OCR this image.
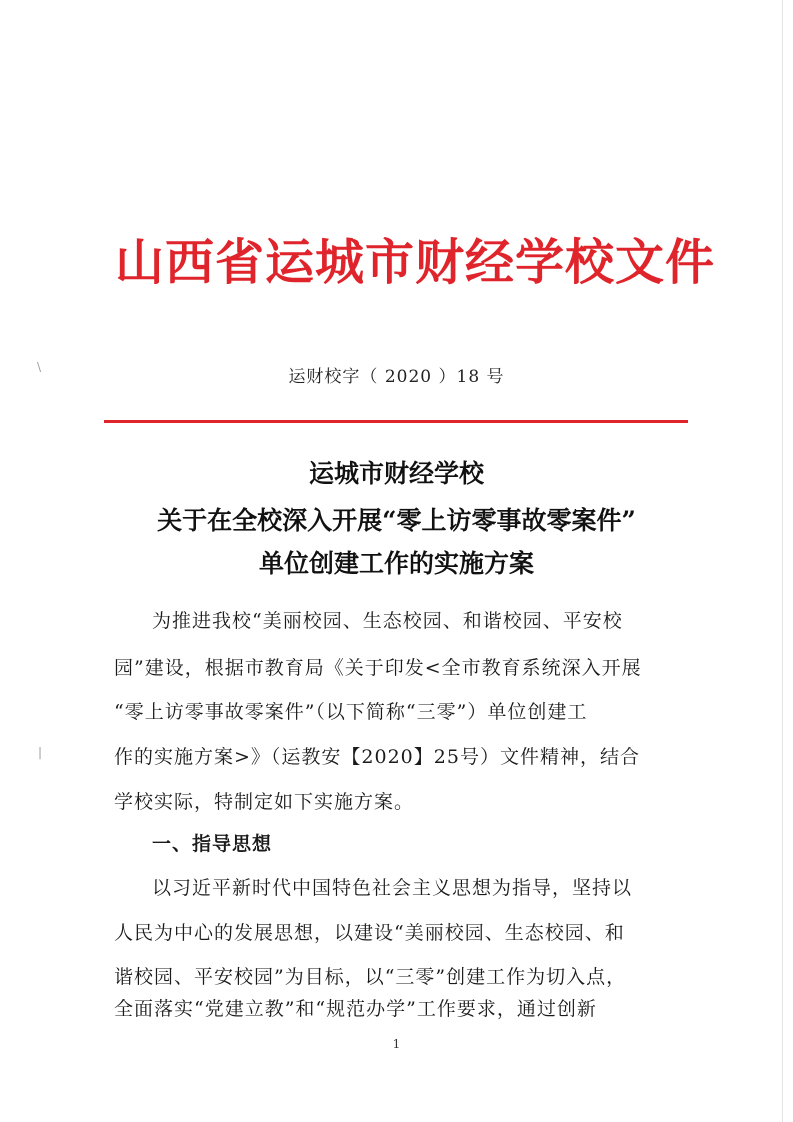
\
|
山西省运城市财经学校文件
运财校字（ 2020 ）18 号
运城市财经学校
关于在全校深入开展“零上访零事故零案件”
单位创建工作的实施方案
为推进我校“美丽校园、生态校园、和谐校园、平安校
园”建设，根据市教育局《关于印发<全市教育系统深入开展
“零上访零事故零案件”（以下简称“三零”）单位创建工
作的实施方案>》（运教安【2020】25号）文件精神，结合
学校实际，特制定如下实施方案。
一、指导思想
以习近平新时代中国特色社会主义思想为指导，坚持以
人民为中心的发展思想，以建设“美丽校园、生态校园、和
谐校园、平安校园”为目标，以“三零”创建工作为切入点，
全面落实“党建立教”和“规范办学”工作要求，通过创新
1
